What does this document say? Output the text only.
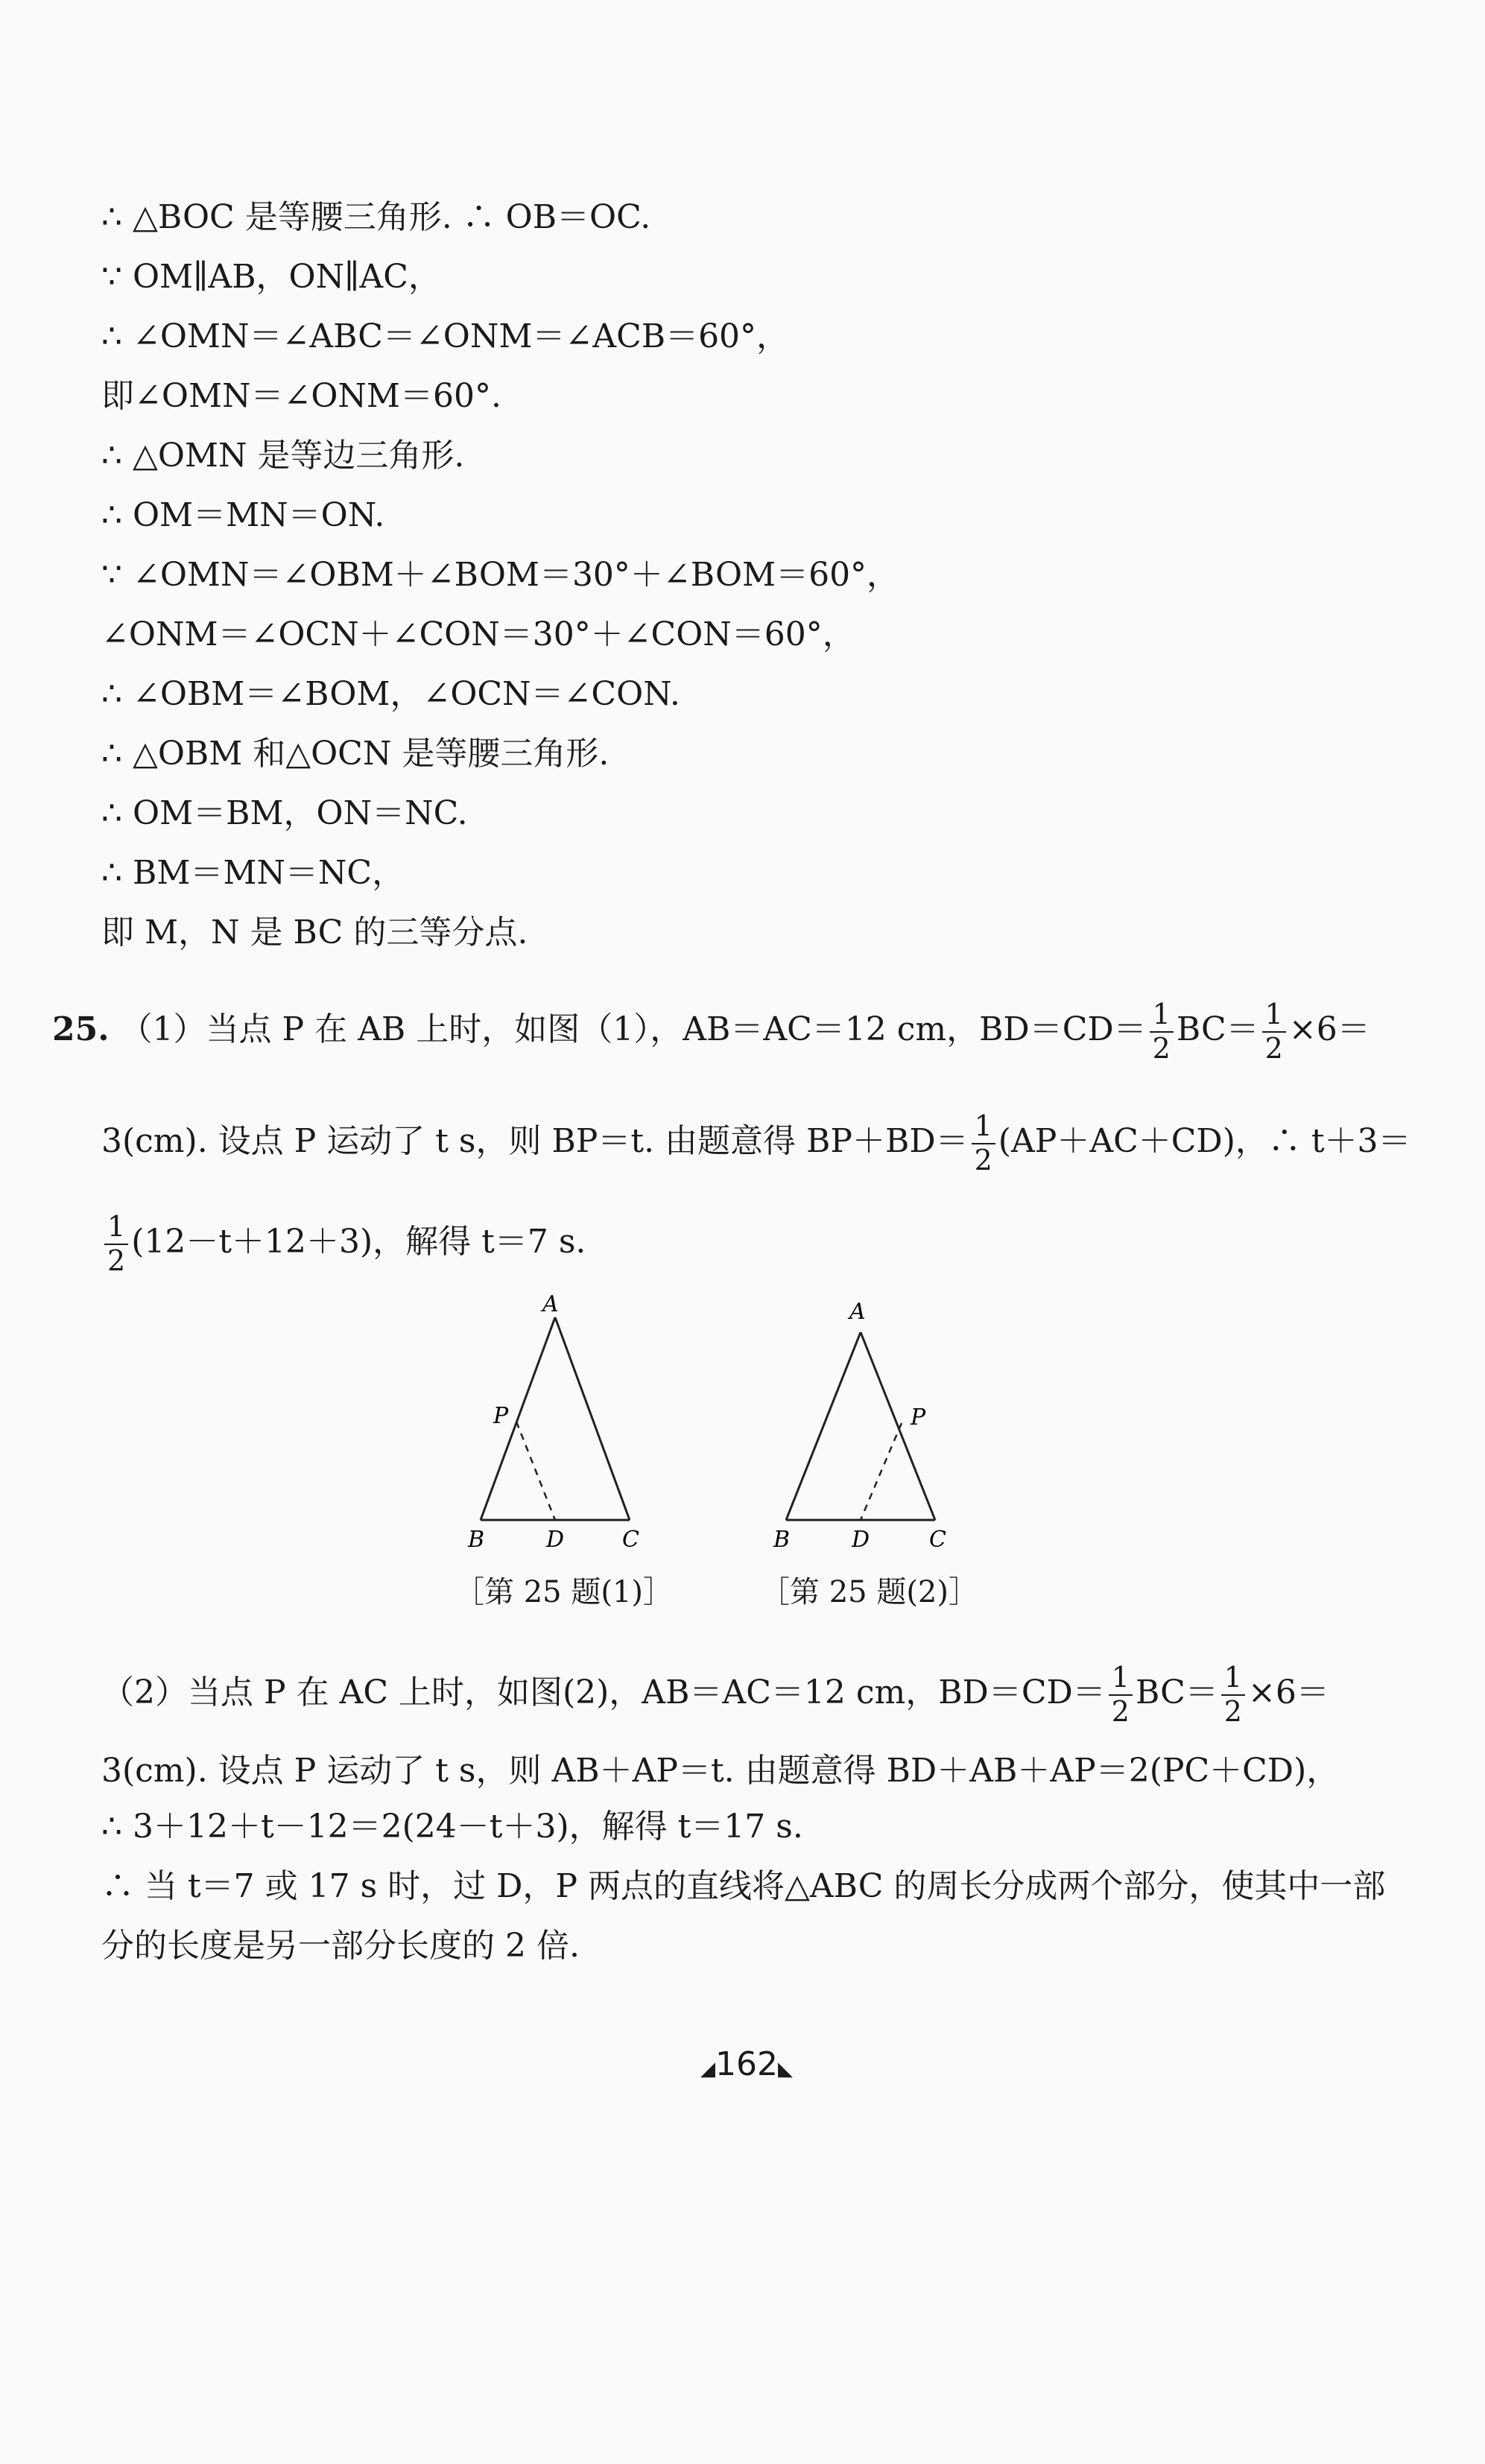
∴ △BOC 是等腰三角形. ∴ OB＝OC.
∵ OM∥AB，ON∥AC，
∴ ∠OMN＝∠ABC＝∠ONM＝∠ACB＝60°，
即∠OMN＝∠ONM＝60°.
∴ △OMN 是等边三角形.
∴ OM＝MN＝ON.
∵ ∠OMN＝∠OBM＋∠BOM＝30°＋∠BOM＝60°，
∠ONM＝∠OCN＋∠CON＝30°＋∠CON＝60°，
∴ ∠OBM＝∠BOM，∠OCN＝∠CON.
∴ △OBM 和△OCN 是等腰三角形.
∴ OM＝BM，ON＝NC.
∴ BM＝MN＝NC，
即 M，N 是 BC 的三等分点.
25. （1）当点 P 在 AB 上时，如图（1），AB＝AC＝12 cm，$BD=CD= \frac{1}{2} BC= \frac{1}{2} \times 6=$
3(cm). 设点 P 运动了 t s，则 BP＝t. 由题意得 $BP+BD= \frac{1}{2} (AP+AC+CD)$，∴ t＋3＝
$\frac{1}{2} (12-t+12+3)$，解得 t＝7 s.
A
P
B	D	C
［第 25 题(1)］
A
P
B	D	C
［第 25 题(2)］
（2）当点 P 在 AC 上时，如图(2)，AB＝AC＝12 cm，$BD=CD= \frac{1}{2} BC= \frac{1}{2} \times 6=$
3(cm). 设点 P 运动了 t s，则 AB＋AP＝t. 由题意得 BD＋AB＋AP＝2(PC＋CD)，
∴ 3＋12＋t－12＝2(24－t＋3)，解得 t＝17 s.
∴ 当 t＝7 或 17 s 时，过 D，P 两点的直线将△ABC 的周长分成两个部分，使其中一部
分的长度是另一部分长度的 2 倍.
◢162◣
